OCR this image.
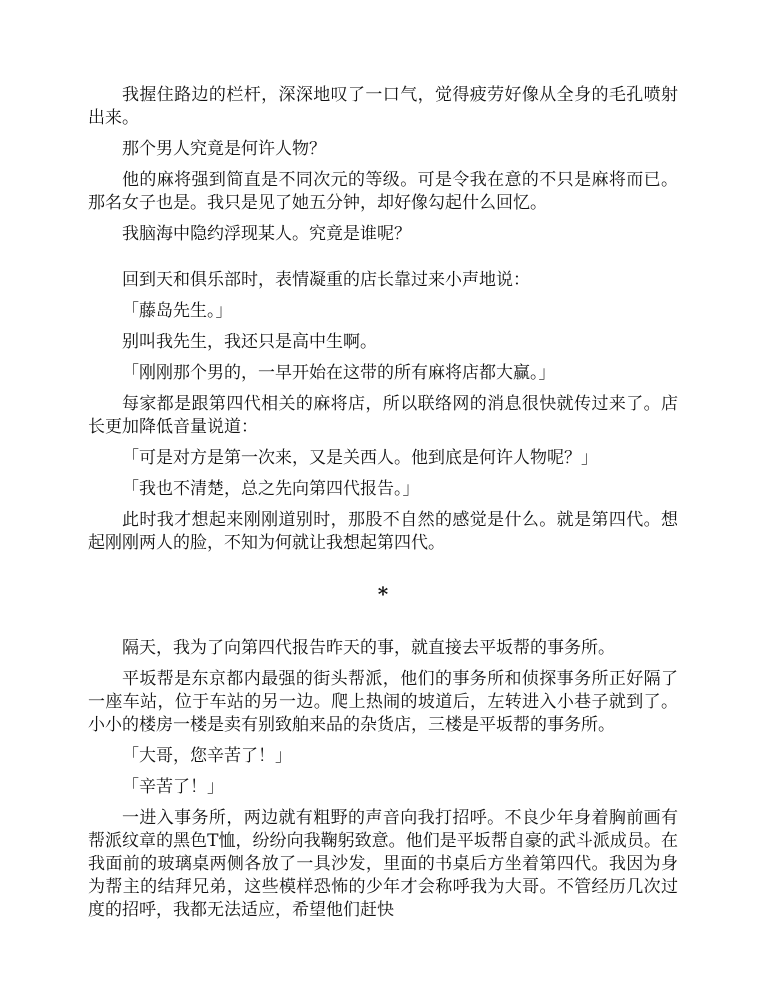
我握住路边的栏杆，深深地叹了一口气，觉得疲劳好像从全身的毛孔喷射出来。

那个男人究竟是何许人物？

他的麻将强到简直是不同次元的等级。可是令我在意的不只是麻将而已。那名女子也是。我只是见了她五分钟，却好像勾起什么回忆。

我脑海中隐约浮现某人。究竟是谁呢？

回到天和俱乐部时，表情凝重的店长靠过来小声地说：

「藤岛先生。」

别叫我先生，我还只是高中生啊。

「刚刚那个男的，一早开始在这带的所有麻将店都大赢。」

每家都是跟第四代相关的麻将店，所以联络网的消息很快就传过来了。店长更加降低音量说道：

「可是对方是第一次来，又是关西人。他到底是何许人物呢？」

「我也不清楚，总之先向第四代报告。」

此时我才想起来刚刚道别时，那股不自然的感觉是什么。就是第四代。想起刚刚两人的脸，不知为何就让我想起第四代。

*

隔天，我为了向第四代报告昨天的事，就直接去平坂帮的事务所。

平坂帮是东京都内最强的街头帮派，他们的事务所和侦探事务所正好隔了一座车站，位于车站的另一边。爬上热闹的坡道后，左转进入小巷子就到了。小小的楼房一楼是卖有别致舶来品的杂货店，三楼是平坂帮的事务所。

「大哥，您辛苦了！」

「辛苦了！」

一进入事务所，两边就有粗野的声音向我打招呼。不良少年身着胸前画有帮派纹章的黑色T恤，纷纷向我鞠躬致意。他们是平坂帮自豪的武斗派成员。在我面前的玻璃桌两侧各放了一具沙发，里面的书桌后方坐着第四代。我因为身为帮主的结拜兄弟，这些模样恐怖的少年才会称呼我为大哥。不管经历几次过度的招呼，我都无法适应，希望他们赶快
